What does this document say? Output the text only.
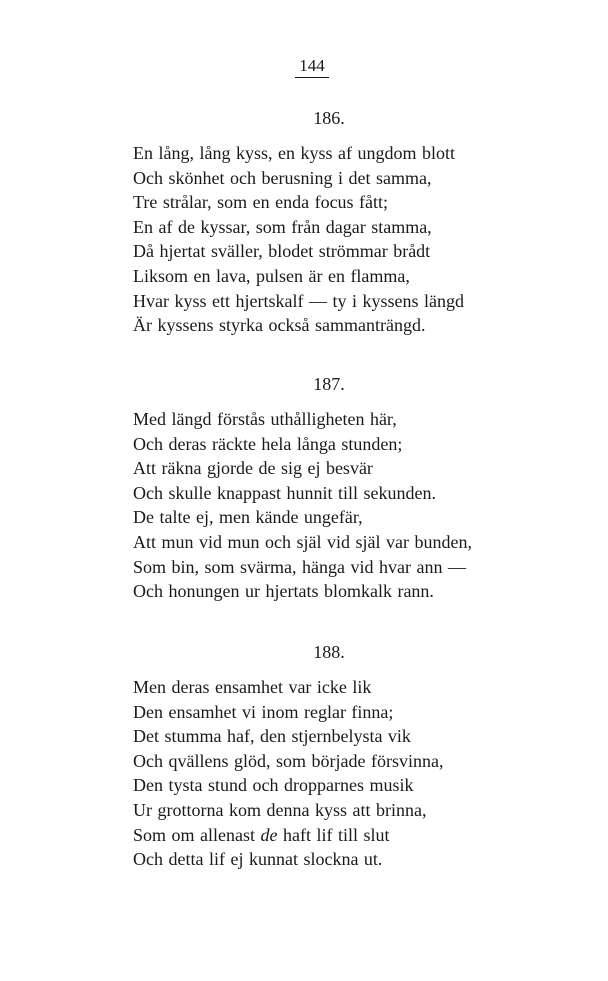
144
186.
En lång, lång kyss, en kyss af ungdom blott
Och skönhet och berusning i det samma,
Tre strålar, som en enda focus fått;
En af de kyssar, som från dagar stamma,
Då hjertat sväller, blodet strömmar brådt
Liksom en lava, pulsen är en flamma,
Hvar kyss ett hjertskalf — ty i kyssens längd
Är kyssens styrka också sammanträngd.
187.
Med längd förstås uthålligheten här,
Och deras räckte hela långa stunden;
Att räkna gjorde de sig ej besvär
Och skulle knappast hunnit till sekunden.
De talte ej, men kände ungefär,
Att mun vid mun och själ vid själ var bunden,
Som bin, som svärma, hänga vid hvar ann —
Och honungen ur hjertats blomkalk rann.
188.
Men deras ensamhet var icke lik
Den ensamhet vi inom reglar finna;
Det stumma haf, den stjernbelysta vik
Och qvällens glöd, som började försvinna,
Den tysta stund och dropparnes musik
Ur grottorna kom denna kyss att brinna,
Som om allenast de haft lif till slut
Och detta lif ej kunnat slockna ut.
